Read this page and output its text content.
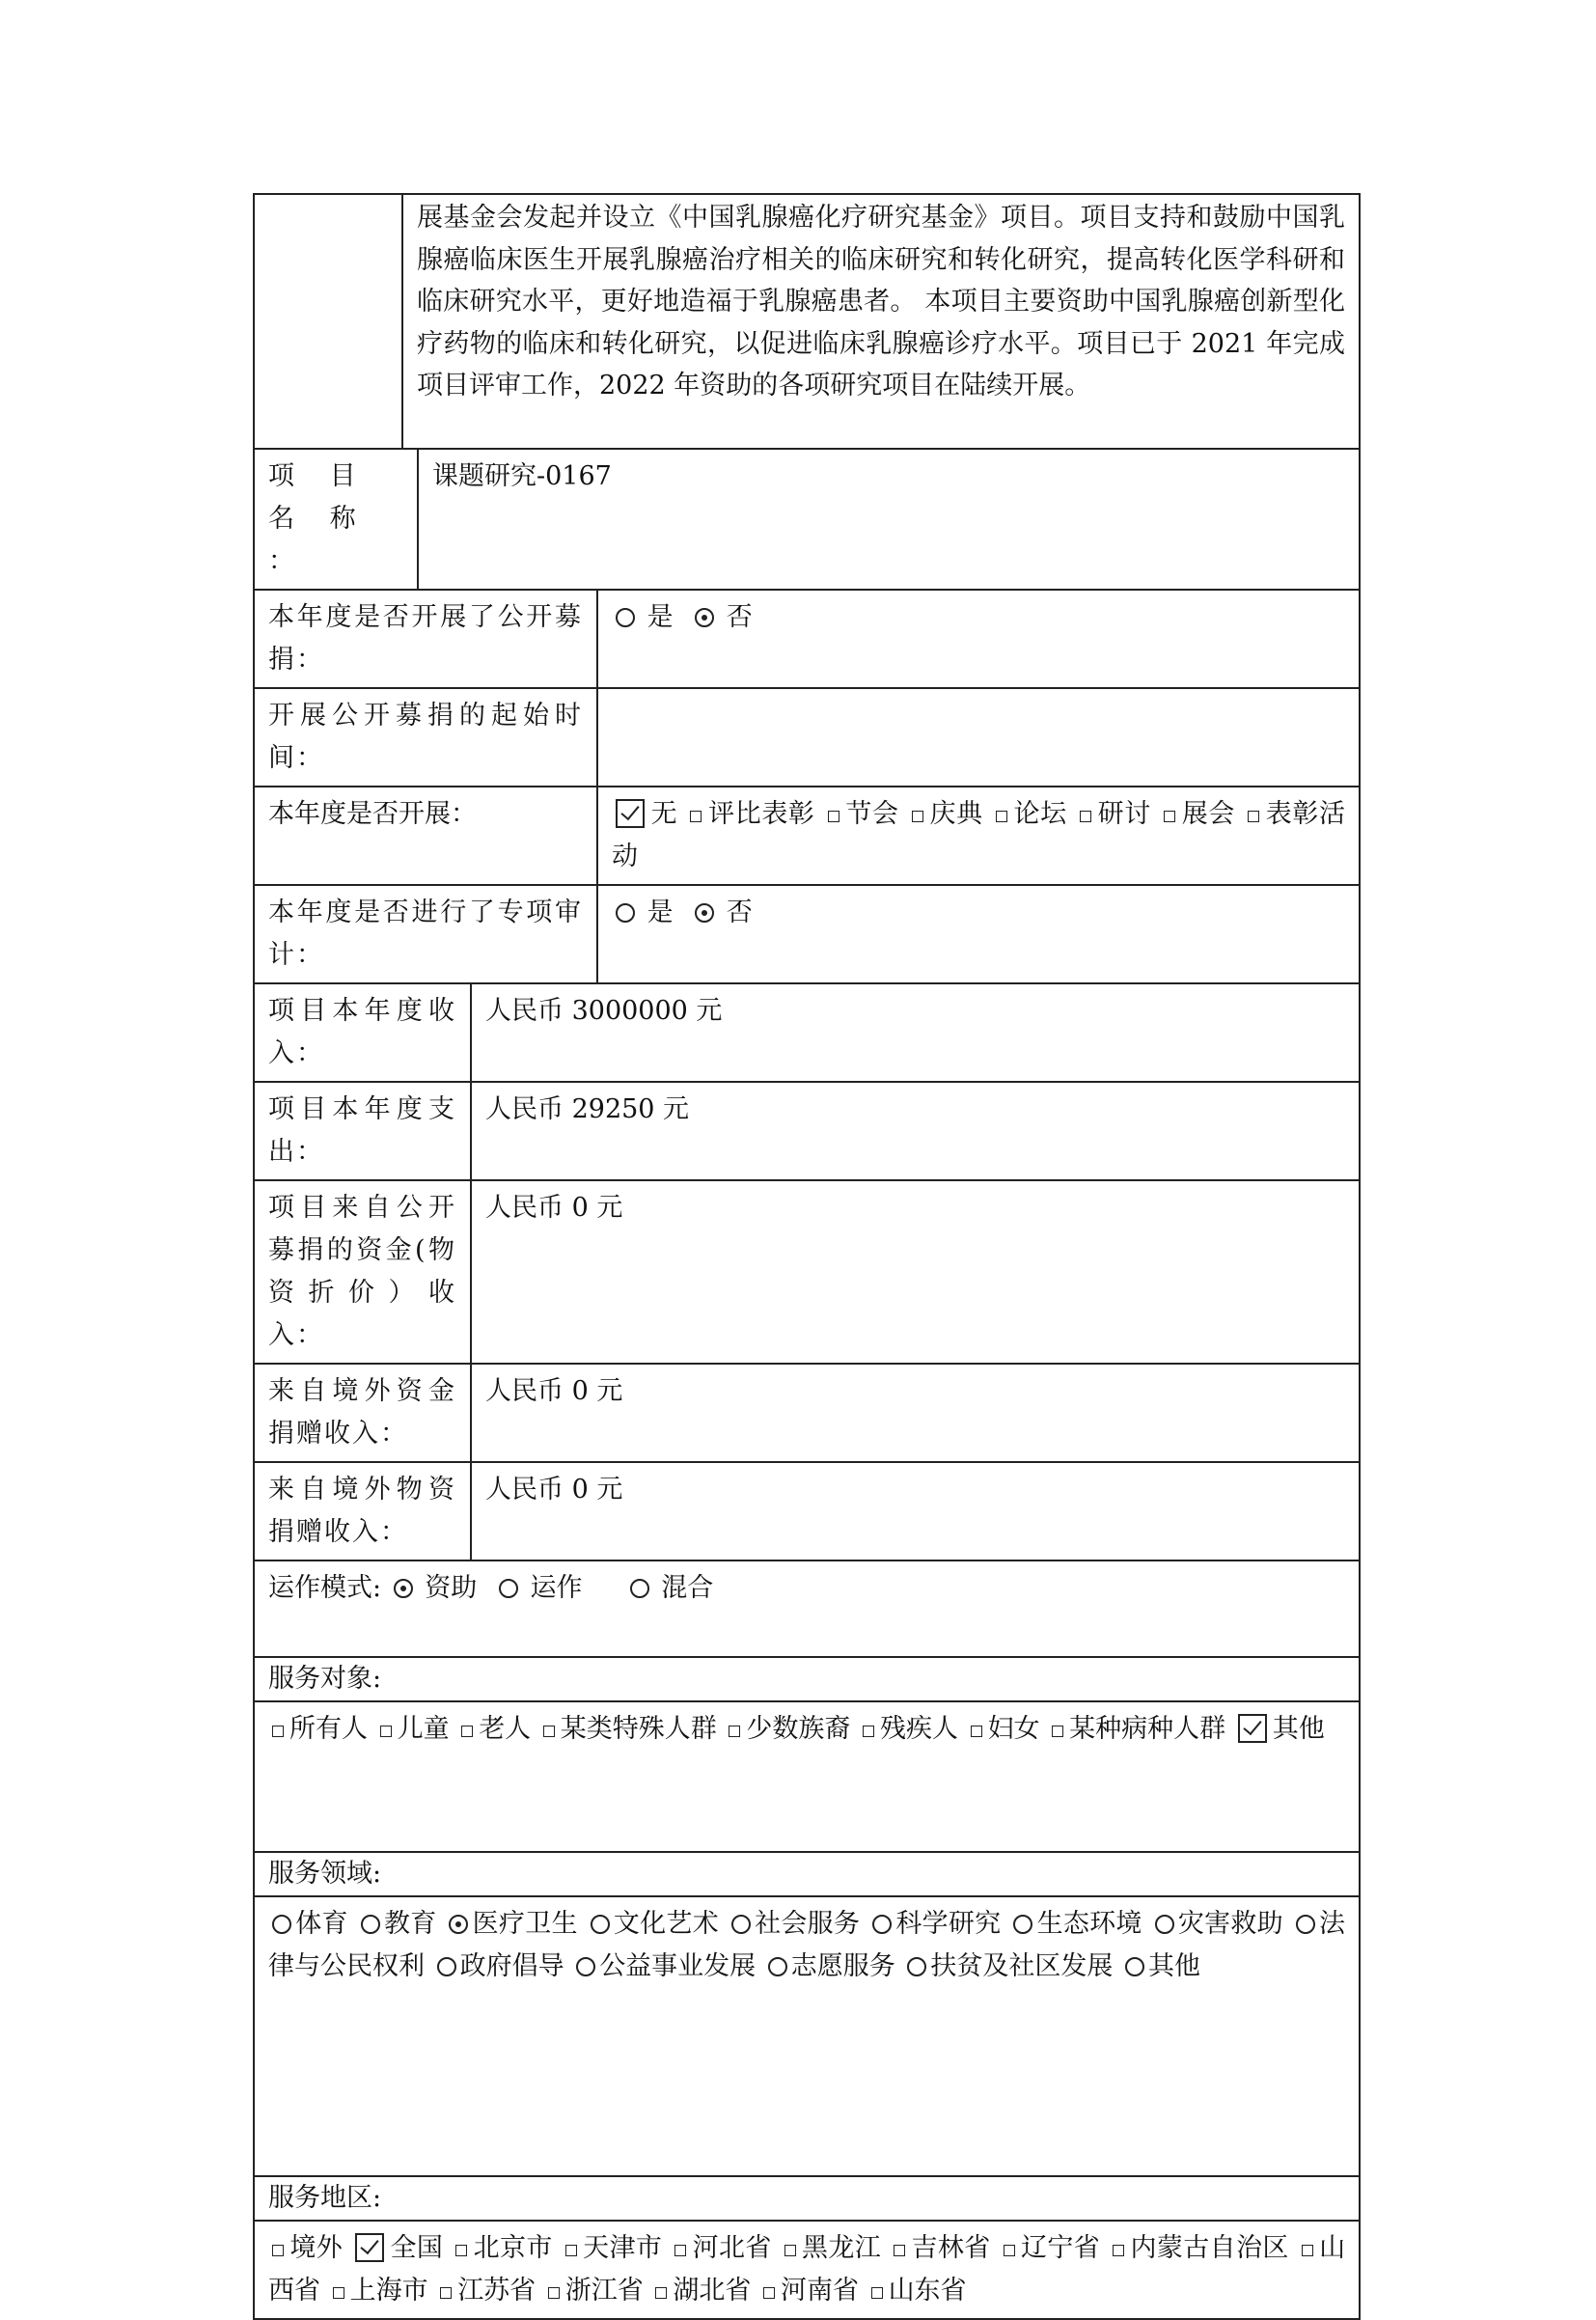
	展基金会发起并设立《中国乳腺癌化疗研究基金》项目。项目支持和鼓励中国乳腺癌临床医生开展乳腺癌治疗相关的临床研究和转化研究，提高转化医学科研和临床研究水平，更好地造福于乳腺癌患者。 本项目主要资助中国乳腺癌创新型化疗药物的临床和转化研究，以促进临床乳腺癌诊疗水平。项目已于 2021 年完成项目评审工作，2022 年资助的各项研究项目在陆续开展。			
项 目 名 称 ：		课题研究-0167		
本年度是否开展了公开募捐：				是 否
开展公开募捐的起始时间：				
本年度是否开展：				无 评比表彰 节会 庆典 论坛 研讨 展会 表彰活动
本年度是否进行了专项审计：				是 否
项目本年度收入：			人民币 3000000 元	
项目本年度支出：			人民币 29250 元	
项目来自公开募捐的资金(物资折价）收入：			人民币 0 元	
来自境外资金捐赠收入：			人民币 0 元	
来自境外物资捐赠收入：			人民币 0 元	
运作模式: 资助 运作 混合				
服务对象:				
所有人 儿童 老人 某类特殊人群 少数族裔 残疾人 妇女 某种病种人群 其他				
服务领域:				
体育 教育 医疗卫生 文化艺术 社会服务 科学研究 生态环境 灾害救助 法律与公民权利 政府倡导 公益事业发展 志愿服务 扶贫及社区发展 其他				
服务地区:				
境外 全国 北京市 天津市 河北省 黑龙江 吉林省 辽宁省 内蒙古自治区 山西省 上海市 江苏省 浙江省 湖北省 河南省 山东省				
